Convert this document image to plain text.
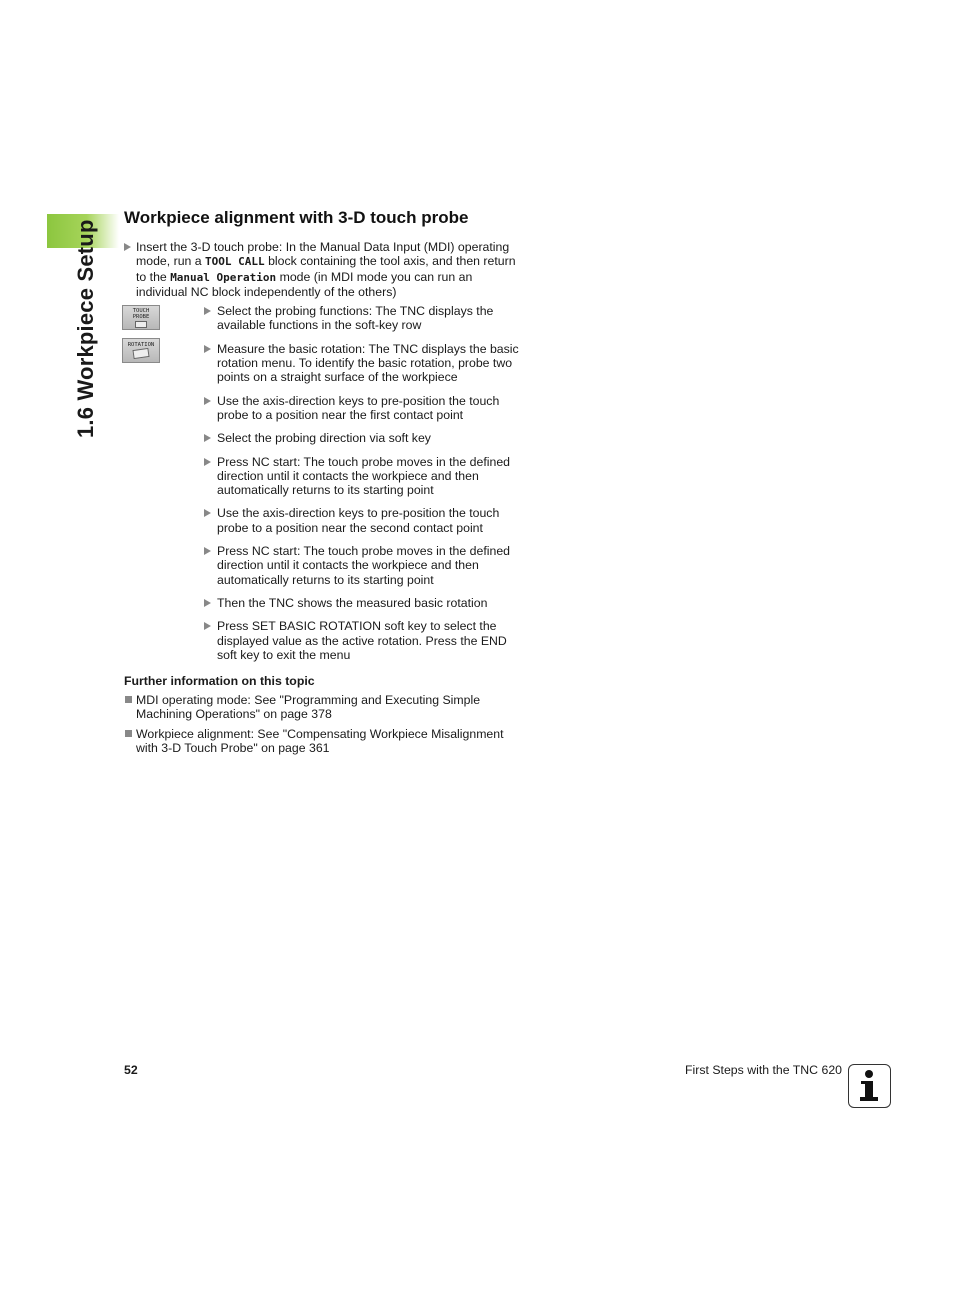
1.6 Workpiece Setup
Workpiece alignment with 3-D touch probe
Insert the 3-D touch probe: In the Manual Data Input (MDI) operating mode, run a TOOL CALL block containing the tool axis, and then return to the Manual Operation mode (in MDI mode you can run an individual NC block independently of the others)
TOUCH
PROBE	Select the probing functions: The TNC displays the available functions in the soft-key row
ROTATION	Measure the basic rotation: The TNC displays the basic rotation menu. To identify the basic rotation, probe two points on a straight surface of the workpiece
Use the axis-direction keys to pre-position the touch probe to a position near the first contact point
Select the probing direction via soft key
Press NC start: The touch probe moves in the defined direction until it contacts the workpiece and then automatically returns to its starting point
Use the axis-direction keys to pre-position the touch probe to a position near the second contact point
Press NC start: The touch probe moves in the defined direction until it contacts the workpiece and then automatically returns to its starting point
Then the TNC shows the measured basic rotation
Press SET BASIC ROTATION soft key to select the displayed value as the active rotation. Press the END soft key to exit the menu

Further information on this topic

MDI operating mode: See "Programming and Executing Simple Machining Operations" on page 378
Workpiece alignment: See "Compensating Workpiece Misalignment with 3-D Touch Probe" on page 361
52	First Steps with the TNC 620
